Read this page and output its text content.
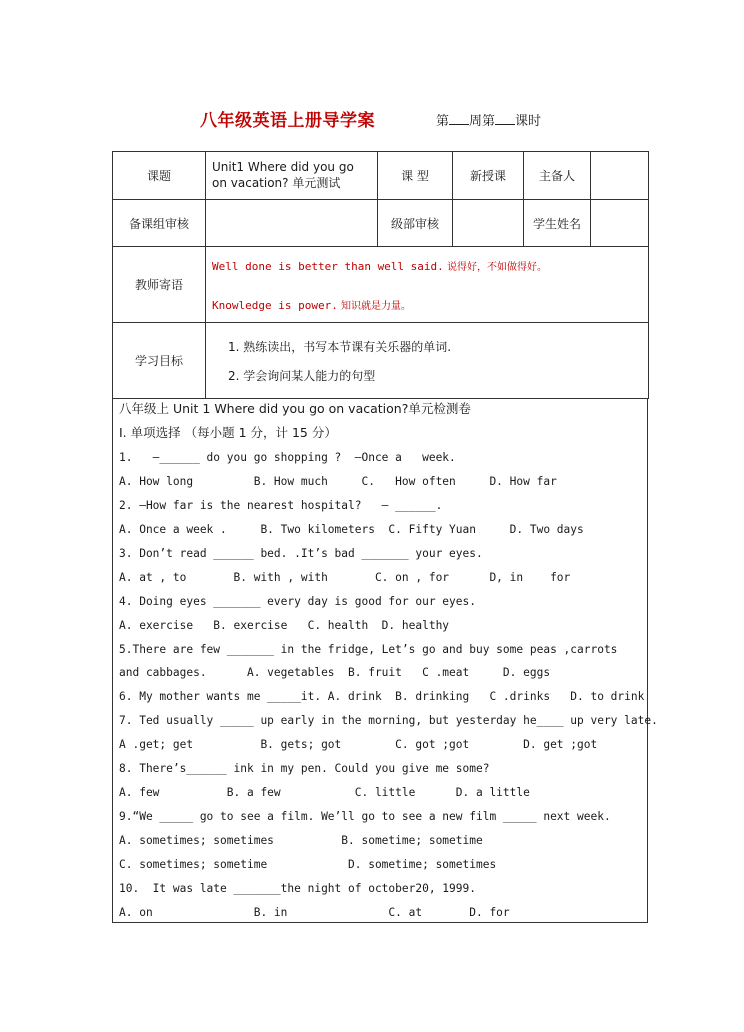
八年级英语上册导学案	第 周第 课时
课题	Unit1 Where did you go on vacation? 单元测试	课 型	新授课	主备人	
备课组审核		级部审核		学生姓名	
教师寄语	Well done is better than well said. 说得好，不如做得好。

Knowledge is power. 知识就是力量。				

学习目标	1. 熟练读出，书写本节课有关乐器的单词.

2. 学会询问某人能力的句型				

八年级上 Unit 1 Where did you go on vacation?单元检测卷
Ⅰ. 单项选择 （每小题 1 分，计 15 分）
1.   —______ do you go shopping ?  —Once a   week.
A. How long         B. How much     C.   How often     D. How far
2. —How far is the nearest hospital?   — ______.
A. Once a week .     B. Two kilometers  C. Fifty Yuan     D. Two days
3. Don’t read ______ bed. .It’s bad _______ your eyes.
A. at , to       B. with , with       C. on , for      D, in    for
4. Doing eyes _______ every day is good for our eyes.
A. exercise   B. exercise   C. health  D. healthy
5.There are few _______ in the fridge, Let’s go and buy some peas ,carrots
and cabbages.      A. vegetables  B. fruit   C .meat     D. eggs
6. My mother wants me _____it. A. drink  B. drinking   C .drinks   D. to drink
7. Ted usually _____ up early in the morning, but yesterday he____ up very late.
A .get; get          B. gets; got        C. got ;got        D. get ;got
8. There’s______ ink in my pen. Could you give me some?
A. few          B. a few           C. little      D. a little
9.“We _____ go to see a film. We’ll go to see a new film _____ next week.
A. sometimes; sometimes          B. sometime; sometime
C. sometimes; sometime            D. sometime; sometimes
10.  It was late _______the night of october20, 1999.
A. on               B. in               C. at       D. for
